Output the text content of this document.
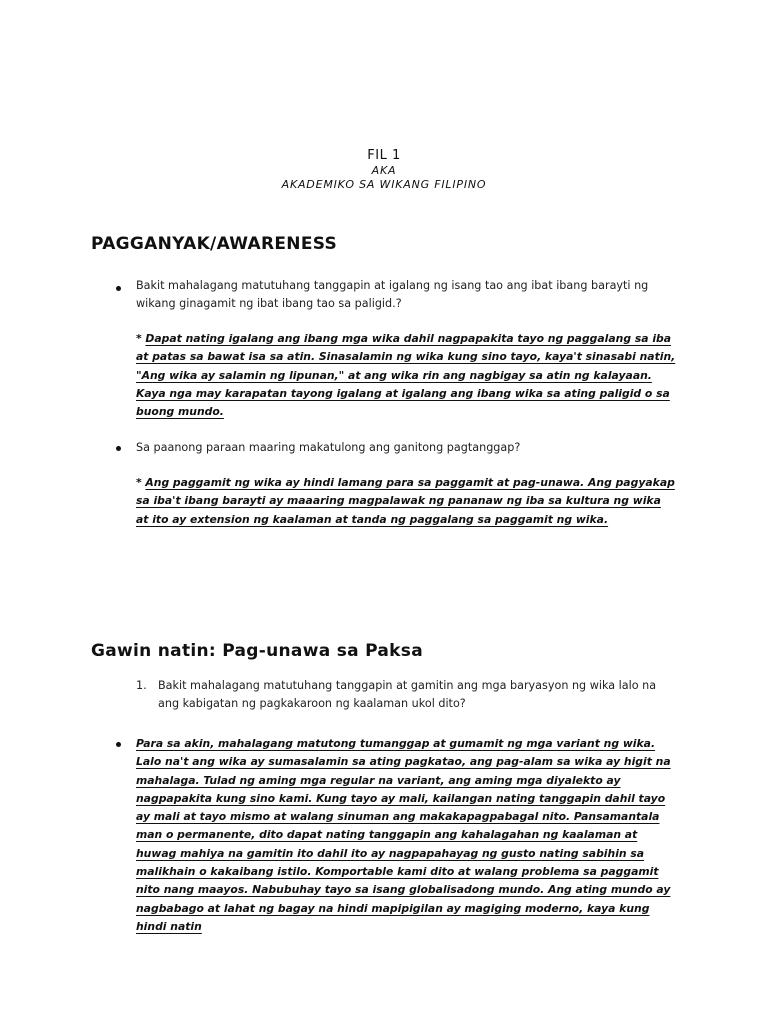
FIL 1
AKA
AKADEMIKO SA WIKANG FILIPINO
PAGGANYAK/AWARENESS
Bakit mahalagang matutuhang tanggapin at igalang ng isang tao ang ibat ibang barayti ng wikang ginagamit ng ibat ibang tao sa paligid.?
* Dapat nating igalang ang ibang mga wika dahil nagpapakita tayo ng paggalang sa iba at patas sa bawat isa sa atin. Sinasalamin ng wika kung sino tayo, kaya't sinasabi natin, "Ang wika ay salamin ng lipunan," at ang wika rin ang nagbigay sa atin ng kalayaan. Kaya nga may karapatan tayong igalang at igalang ang ibang wika sa ating paligid o sa buong mundo.
Sa paanong paraan maaring makatulong ang ganitong pagtanggap?
* Ang paggamit ng wika ay hindi lamang para sa paggamit at pag-unawa. Ang pagyakap sa iba't ibang barayti ay maaaring magpalawak ng pananaw ng iba sa kultura ng wika at ito ay extension ng kaalaman at tanda ng paggalang sa paggamit ng wika.
Gawin natin: Pag-unawa sa Paksa
1. Bakit mahalagang matutuhang tanggapin at gamitin ang mga baryasyon ng wika lalo na ang kabigatan ng pagkakaroon ng kaalaman ukol dito?
Para sa akin, mahalagang matutong tumanggap at gumamit ng mga variant ng wika. Lalo na't ang wika ay sumasalamin sa ating pagkatao, ang pag-alam sa wika ay higit na mahalaga. Tulad ng aming mga regular na variant, ang aming mga diyalekto ay nagpapakita kung sino kami. Kung tayo ay mali, kailangan nating tanggapin dahil tayo ay mali at tayo mismo at walang sinuman ang makakapagpabagal nito. Pansamantala man o permanente, dito dapat nating tanggapin ang kahalagahan ng kaalaman at huwag mahiya na gamitin ito dahil ito ay nagpapahayag ng gusto nating sabihin sa malikhain o kakaibang istilo. Komportable kami dito at walang problema sa paggamit nito nang maayos. Nabubuhay tayo sa isang globalisadong mundo. Ang ating mundo ay nagbabago at lahat ng bagay na hindi mapipigilan ay magiging moderno, kaya kung hindi natin
